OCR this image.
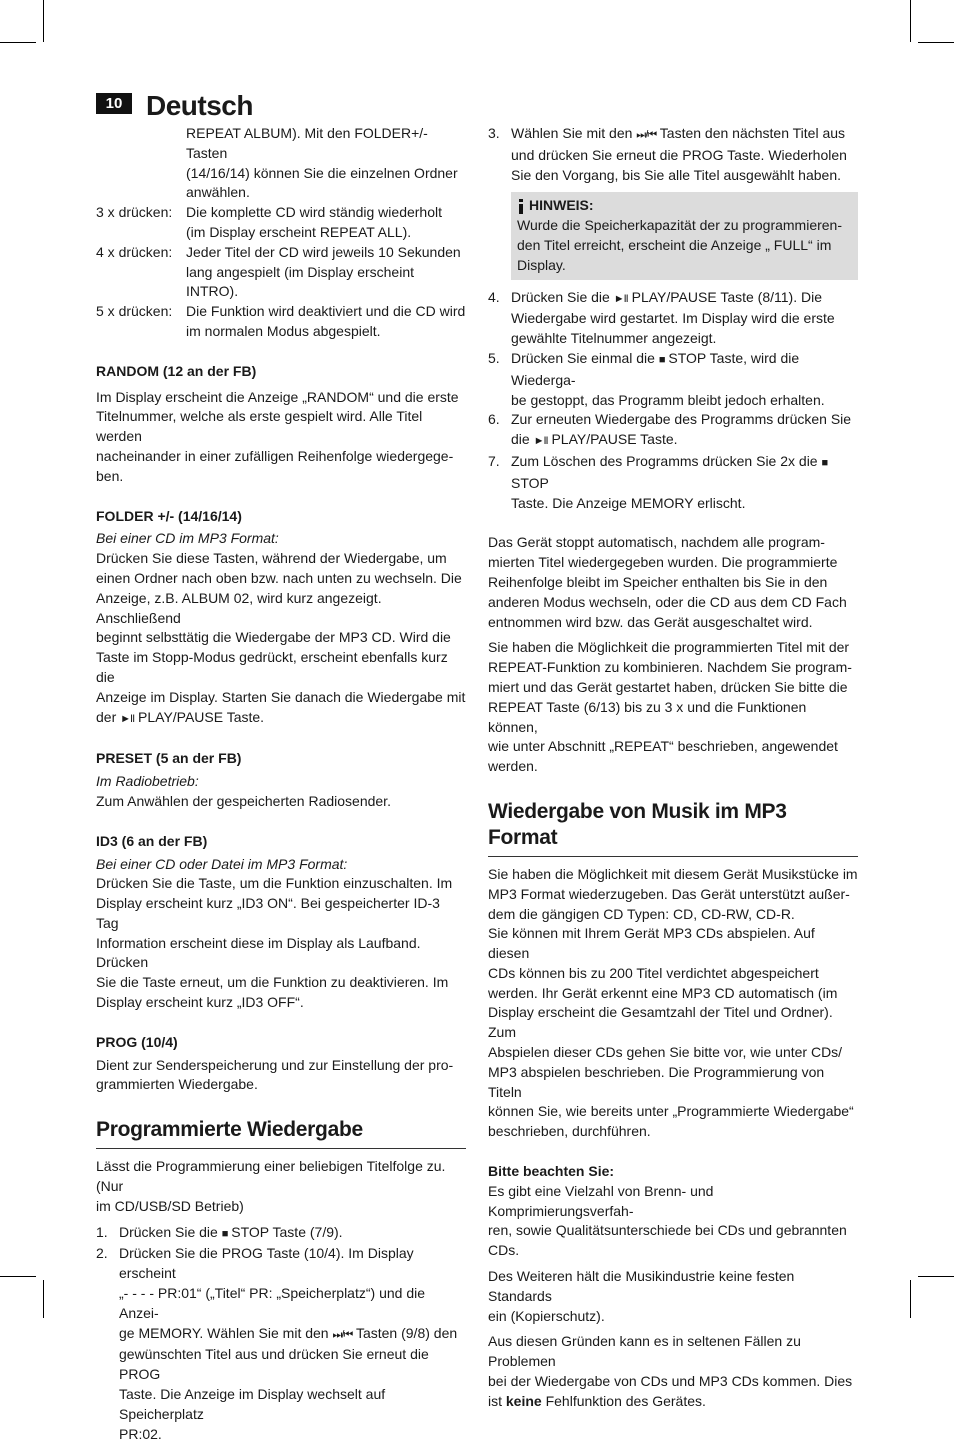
10 Deutsch
REPEAT ALBUM). Mit den FOLDER+/- Tasten
(14/16/14) können Sie die einzelnen Ordner
anwählen.
3 x drücken: Die komplette CD wird ständig wiederholt
(im Display erscheint REPEAT ALL).
4 x drücken: Jeder Titel der CD wird jeweils 10 Sekunden
lang angespielt (im Display erscheint INTRO).
5 x drücken: Die Funktion wird deaktiviert und die CD wird
im normalen Modus abgespielt.
RANDOM (12 an der FB)
Im Display erscheint die Anzeige „RANDOM“ und die erste
Titelnummer, welche als erste gespielt wird. Alle Titel werden
nacheinander in einer zufälligen Reihenfolge wiedergege-
ben.
FOLDER +/- (14/16/14)
Bei einer CD im MP3 Format:
Drücken Sie diese Tasten, während der Wiedergabe, um
einen Ordner nach oben bzw. nach unten zu wechseln. Die
Anzeige, z.B. ALBUM 02, wird kurz angezeigt. Anschließend
beginnt selbsttätig die Wiedergabe der MP3 CD. Wird die
Taste im Stopp-Modus gedrückt, erscheint ebenfalls kurz die
Anzeige im Display. Starten Sie danach die Wiedergabe mit
der ►II PLAY/PAUSE Taste.
PRESET (5 an der FB)
Im Radiobetrieb:
Zum Anwählen der gespeicherten Radiosender.
ID3 (6 an der FB)
Bei einer CD oder Datei im MP3 Format:
Drücken Sie die Taste, um die Funktion einzuschalten. Im
Display erscheint kurz „ID3 ON“. Bei gespeicherter ID-3 Tag
Information erscheint diese im Display als Laufband. Drücken
Sie die Taste erneut, um die Funktion zu deaktivieren. Im
Display erscheint kurz „ID3 OFF“.
PROG (10/4)
Dient zur Senderspeicherung und zur Einstellung der pro-
grammierten Wiedergabe.
Programmierte Wiedergabe
Lässt die Programmierung einer beliebigen Titelfolge zu. (Nur
im CD/USB/SD Betrieb)
1. Drücken Sie die ■ STOP Taste (7/9).
2. Drücken Sie die PROG Taste (10/4). Im Display erscheint
„- - - - PR:01“ („Titel“ PR: „Speicherplatz“) und die Anzei-
ge MEMORY. Wählen Sie mit den ⏭/⏮ Tasten (9/8) den
gewünschten Titel aus und drücken Sie erneut die PROG
Taste. Die Anzeige im Display wechselt auf Speicherplatz
PR:02.
3. Wählen Sie mit den ⏭/⏮ Tasten den nächsten Titel aus
und drücken Sie erneut die PROG Taste. Wiederholen
Sie den Vorgang, bis Sie alle Titel ausgewählt haben.
HINWEIS:
Wurde die Speicherkapazität der zu programmieren-
den Titel erreicht, erscheint die Anzeige „ FULL“ im
Display.
4. Drücken Sie die ►II PLAY/PAUSE Taste (8/11). Die
Wiedergabe wird gestartet. Im Display wird die erste
gewählte Titelnummer angezeigt.
5. Drücken Sie einmal die ■ STOP Taste, wird die Wiederga-
be gestoppt, das Programm bleibt jedoch erhalten.
6. Zur erneuten Wiedergabe des Programms drücken Sie
die ►II PLAY/PAUSE Taste.
7. Zum Löschen des Programms drücken Sie 2x die ■ STOP
Taste. Die Anzeige MEMORY erlischt.
Das Gerät stoppt automatisch, nachdem alle program-
mierten Titel wiedergegeben wurden. Die programmierte
Reihenfolge bleibt im Speicher enthalten bis Sie in den
anderen Modus wechseln, oder die CD aus dem CD Fach
entnommen wird bzw. das Gerät ausgeschaltet wird.
Sie haben die Möglichkeit die programmierten Titel mit der
REPEAT-Funktion zu kombinieren. Nachdem Sie program-
miert und das Gerät gestartet haben, drücken Sie bitte die
REPEAT Taste (6/13) bis zu 3 x und die Funktionen können,
wie unter Abschnitt „REPEAT“ beschrieben, angewendet
werden.
Wiedergabe von Musik im MP3 Format
Sie haben die Möglichkeit mit diesem Gerät Musikstücke im
MP3 Format wiederzugeben. Das Gerät unterstützt außer-
dem die gängigen CD Typen: CD, CD-RW, CD-R.
Sie können mit Ihrem Gerät MP3 CDs abspielen. Auf diesen
CDs können bis zu 200 Titel verdichtet abgespeichert
werden. Ihr Gerät erkennt eine MP3 CD automatisch (im
Display erscheint die Gesamtzahl der Titel und Ordner). Zum
Abspielen dieser CDs gehen Sie bitte vor, wie unter CDs/
MP3 abspielen beschrieben. Die Programmierung von Titeln
können Sie, wie bereits unter „Programmierte Wiedergabe“
beschrieben, durchführen.
Bitte beachten Sie:
Es gibt eine Vielzahl von Brenn- und Komprimierungsverfah-
ren, sowie Qualitätsunterschiede bei CDs und gebrannten
CDs.
Des Weiteren hält die Musikindustrie keine festen Standards
ein (Kopierschutz).
Aus diesen Gründen kann es in seltenen Fällen zu Problemen
bei der Wiedergabe von CDs und MP3 CDs kommen. Dies
ist keine Fehlfunktion des Gerätes.
